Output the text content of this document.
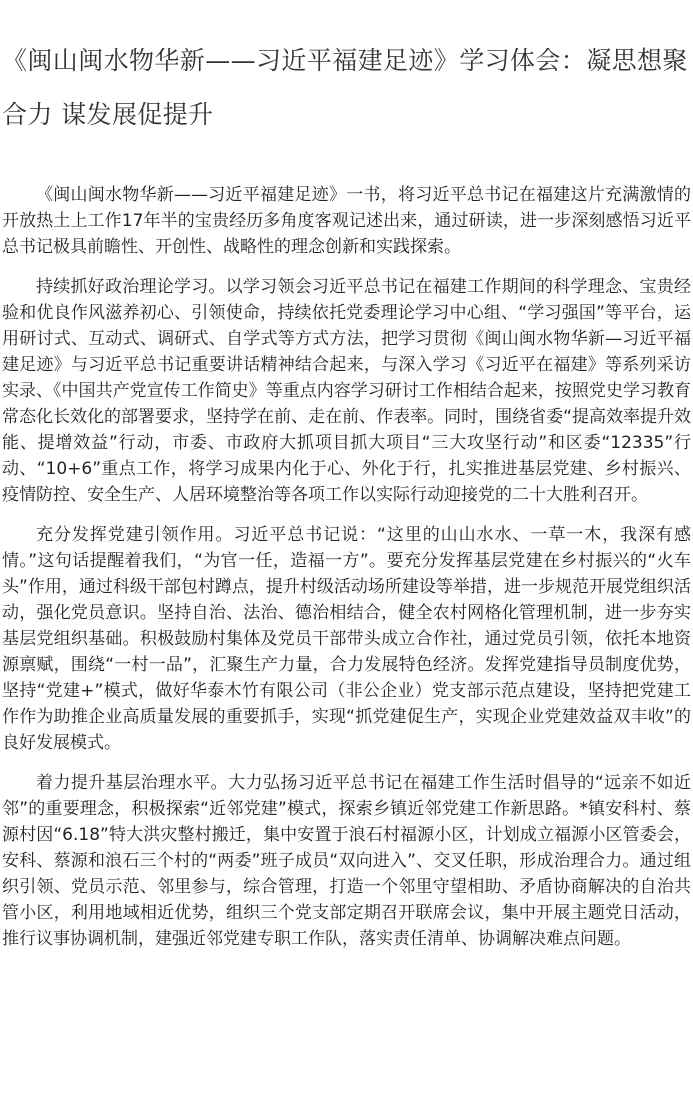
《闽山闽水物华新——习近平福建足迹》学习体会：凝思想聚合力 谋发展促提升

《闽山闽水物华新——习近平福建足迹》一书，将习近平总书记在福建这片充满激情的开放热土上工作17年半的宝贵经历多角度客观记述出来，通过研读，进一步深刻感悟习近平总书记极具前瞻性、开创性、战略性的理念创新和实践探索。

持续抓好政治理论学习。以学习领会习近平总书记在福建工作期间的科学理念、宝贵经验和优良作风滋养初心、引领使命，持续依托党委理论学习中心组、“学习强国”等平台，运用研讨式、互动式、调研式、自学式等方式方法，把学习贯彻《闽山闽水物华新—习近平福建足迹》与习近平总书记重要讲话精神结合起来，与深入学习《习近平在福建》等系列采访实录、《中国共产党宣传工作简史》等重点内容学习研讨工作相结合起来，按照党史学习教育常态化长效化的部署要求，坚持学在前、走在前、作表率。同时，围绕省委“提高效率提升效能、提增效益”行动，市委、市政府大抓项目抓大项目“三大攻坚行动”和区委“12335”行动、“10+6”重点工作，将学习成果内化于心、外化于行，扎实推进基层党建、乡村振兴、疫情防控、安全生产、人居环境整治等各项工作以实际行动迎接党的二十大胜利召开。

充分发挥党建引领作用。习近平总书记说：“这里的山山水水、一草一木，我深有感情。”这句话提醒着我们，“为官一任，造福一方”。要充分发挥基层党建在乡村振兴的“火车头”作用，通过科级干部包村蹲点，提升村级活动场所建设等举措，进一步规范开展党组织活动，强化党员意识。坚持自治、法治、德治相结合，健全农村网格化管理机制，进一步夯实基层党组织基础。积极鼓励村集体及党员干部带头成立合作社，通过党员引领，依托本地资源禀赋，围绕“一村一品”，汇聚生产力量，合力发展特色经济。发挥党建指导员制度优势，坚持“党建+”模式，做好华泰木竹有限公司（非公企业）党支部示范点建设，坚持把党建工作作为助推企业高质量发展的重要抓手，实现“抓党建促生产，实现企业党建效益双丰收”的良好发展模式。

着力提升基层治理水平。大力弘扬习近平总书记在福建工作生活时倡导的“远亲不如近邻”的重要理念，积极探索“近邻党建”模式，探索乡镇近邻党建工作新思路。*镇安科村、蔡源村因“6.18”特大洪灾整村搬迁，集中安置于浪石村福源小区，计划成立福源小区管委会，安科、蔡源和浪石三个村的“两委”班子成员“双向进入”、交叉任职，形成治理合力。通过组织引领、党员示范、邻里参与，综合管理，打造一个邻里守望相助、矛盾协商解决的自治共管小区，利用地域相近优势，组织三个党支部定期召开联席会议，集中开展主题党日活动，推行议事协调机制，建强近邻党建专职工作队，落实责任清单、协调解决难点问题。
